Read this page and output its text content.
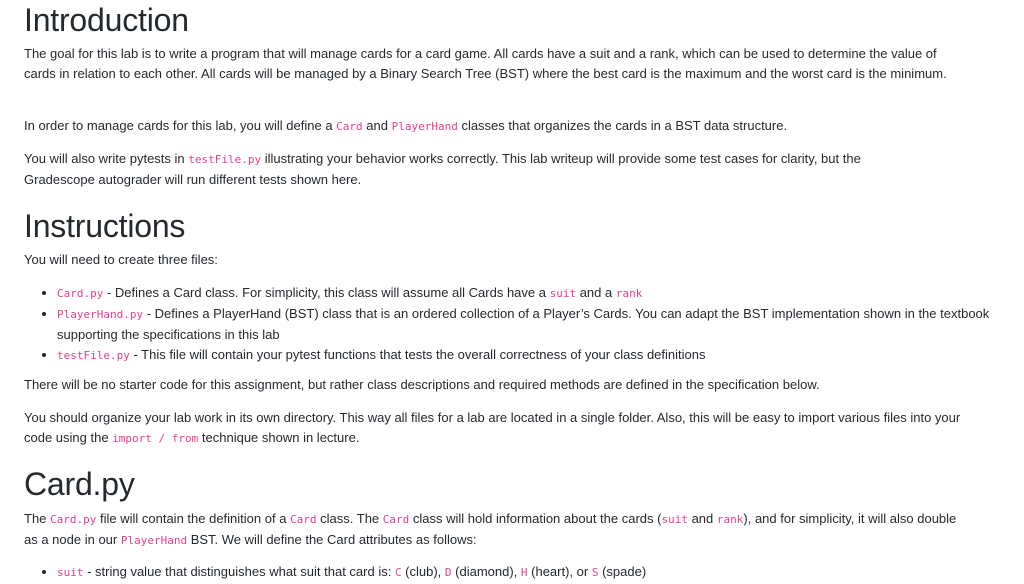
Introduction

The goal for this lab is to write a program that will manage cards for a card game. All cards have a suit and a rank, which can be used to determine the value of cards in relation to each other. All cards will be managed by a Binary Search Tree (BST) where the best card is the maximum and the worst card is the minimum.

In order to manage cards for this lab, you will define a Card and PlayerHand classes that organizes the cards in a BST data structure.

You will also write pytests in testFile.py illustrating your behavior works correctly. This lab writeup will provide some test cases for clarity, but the Gradescope autograder will run different tests shown here.

Instructions

You will need to create three files:

• Card.py - Defines a Card class. For simplicity, this class will assume all Cards have a suit and a rank
• PlayerHand.py - Defines a PlayerHand (BST) class that is an ordered collection of a Player’s Cards. You can adapt the BST implementation shown in the textbook supporting the specifications in this lab
• testFile.py - This file will contain your pytest functions that tests the overall correctness of your class definitions

There will be no starter code for this assignment, but rather class descriptions and required methods are defined in the specification below.

You should organize your lab work in its own directory. This way all files for a lab are located in a single folder. Also, this will be easy to import various files into your code using the import / from technique shown in lecture.

Card.py

The Card.py file will contain the definition of a Card class. The Card class will hold information about the cards (suit and rank), and for simplicity, it will also double as a node in our PlayerHand BST. We will define the Card attributes as follows:

• suit - string value that distinguishes what suit that card is: C (club), D (diamond), H (heart), or S (spade)
